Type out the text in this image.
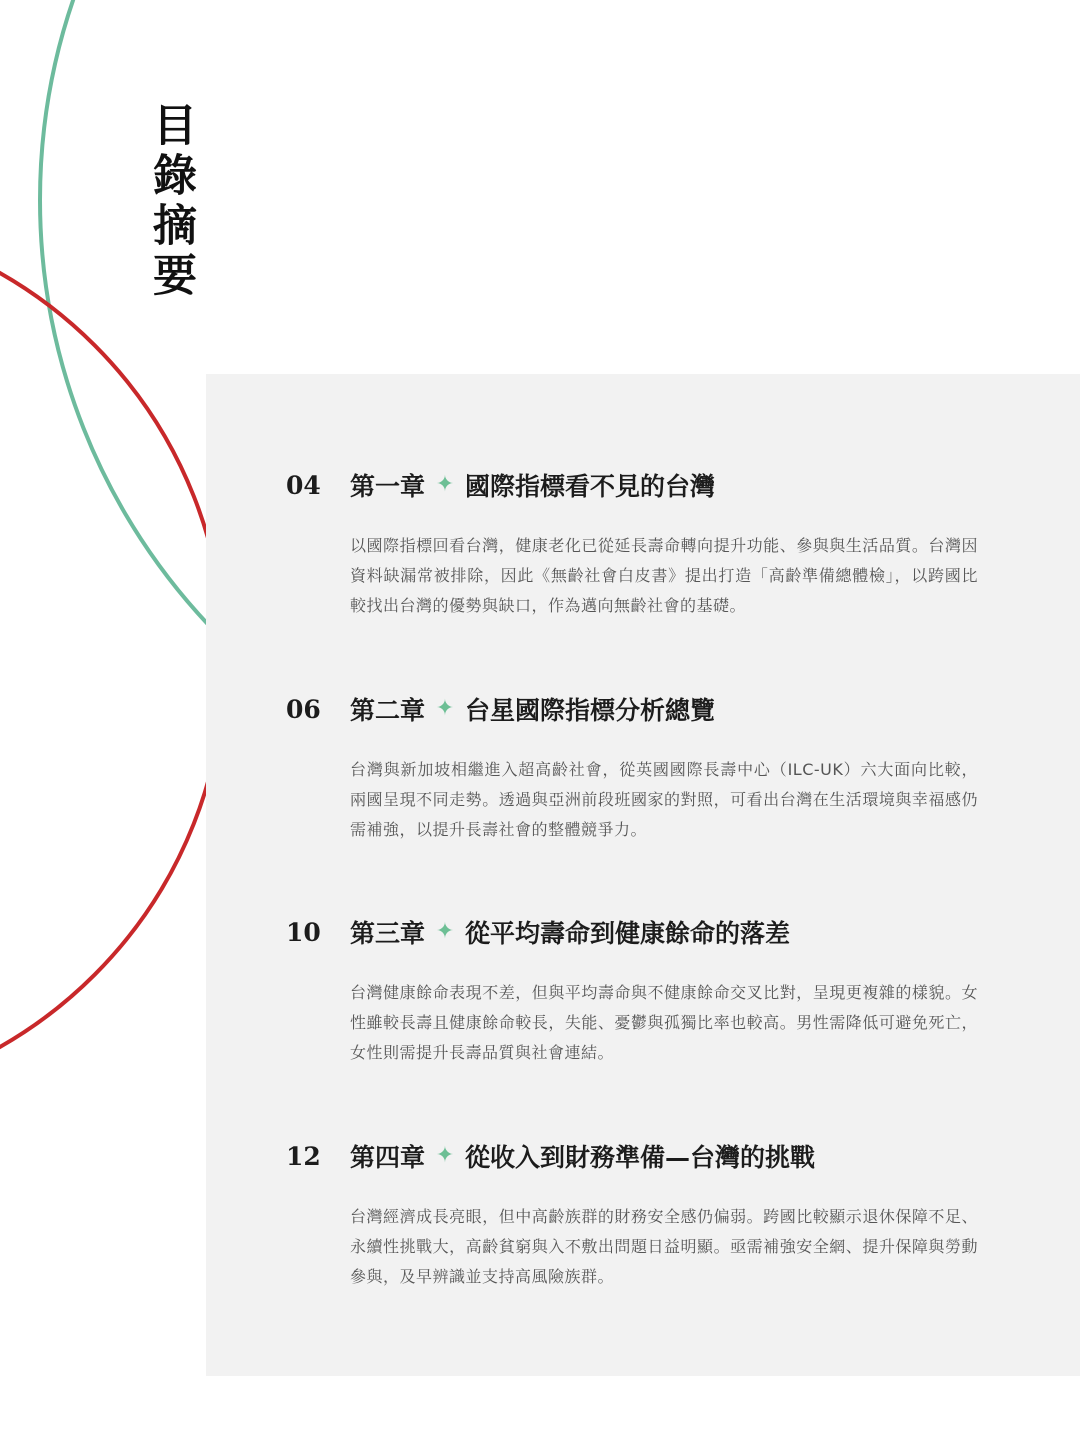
目錄摘要
04	第一章 ✦ 國際指標看不見的台灣

以國際指標回看台灣，健康老化已從延長壽命轉向提升功能、參與與生活品質。台灣因資料缺漏常被排除，因此《無齡社會白皮書》提出打造「高齡準備總體檢」，以跨國比較找出台灣的優勢與缺口，作為邁向無齡社會的基礎。

06	第二章 ✦ 台星國際指標分析總覽

台灣與新加坡相繼進入超高齡社會，從英國國際長壽中心（ILC-UK）六大面向比較，兩國呈現不同走勢。透過與亞洲前段班國家的對照，可看出台灣在生活環境與幸福感仍需補強，以提升長壽社會的整體競爭力。

10	第三章 ✦ 從平均壽命到健康餘命的落差

台灣健康餘命表現不差，但與平均壽命與不健康餘命交叉比對，呈現更複雜的樣貌。女性雖較長壽且健康餘命較長，失能、憂鬱與孤獨比率也較高。男性需降低可避免死亡，女性則需提升長壽品質與社會連結。

12	第四章 ✦ 從收入到財務準備—台灣的挑戰

台灣經濟成長亮眼，但中高齡族群的財務安全感仍偏弱。跨國比較顯示退休保障不足、永續性挑戰大，高齡貧窮與入不敷出問題日益明顯。亟需補強安全網、提升保障與勞動參與，及早辨識並支持高風險族群。
